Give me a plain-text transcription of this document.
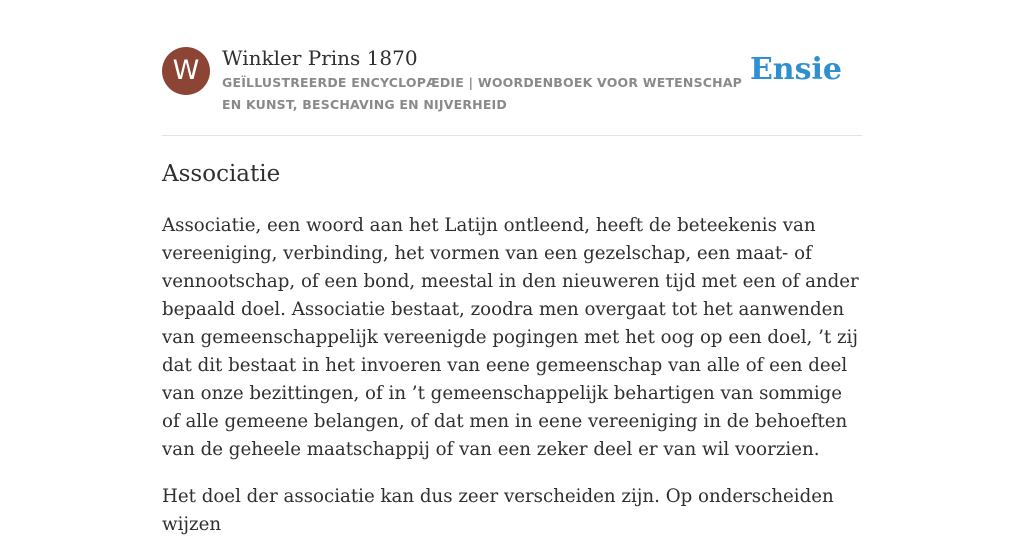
W	Winkler Prins 1870
GEÏLLUSTREERDE ENCYCLOPÆDIE | WOORDENBOEK VOOR WETENSCHAP EN KUNST, BESCHAVING EN NIJVERHEID
Ensie
Associatie

Associatie, een woord aan het Latijn ontleend, heeft de beteekenis van vereeniging, verbinding, het vormen van een gezelschap, een maat- of vennootschap, of een bond, meestal in den nieuweren tijd met een of ander bepaald doel. Associatie bestaat, zoodra men overgaat tot het aanwenden van gemeenschappelijk vereenigde pogingen met het oog op een doel, ’t zij dat dit bestaat in het invoeren van eene gemeenschap van alle of een deel van onze bezittingen, of in ’t gemeenschappelijk behartigen van sommige of alle gemeene belangen, of dat men in eene vereeniging in de behoeften van de geheele maatschappij of van een zeker deel er van wil voorzien.

Het doel der associatie kan dus zeer verscheiden zijn. Op onderscheiden wijzen
